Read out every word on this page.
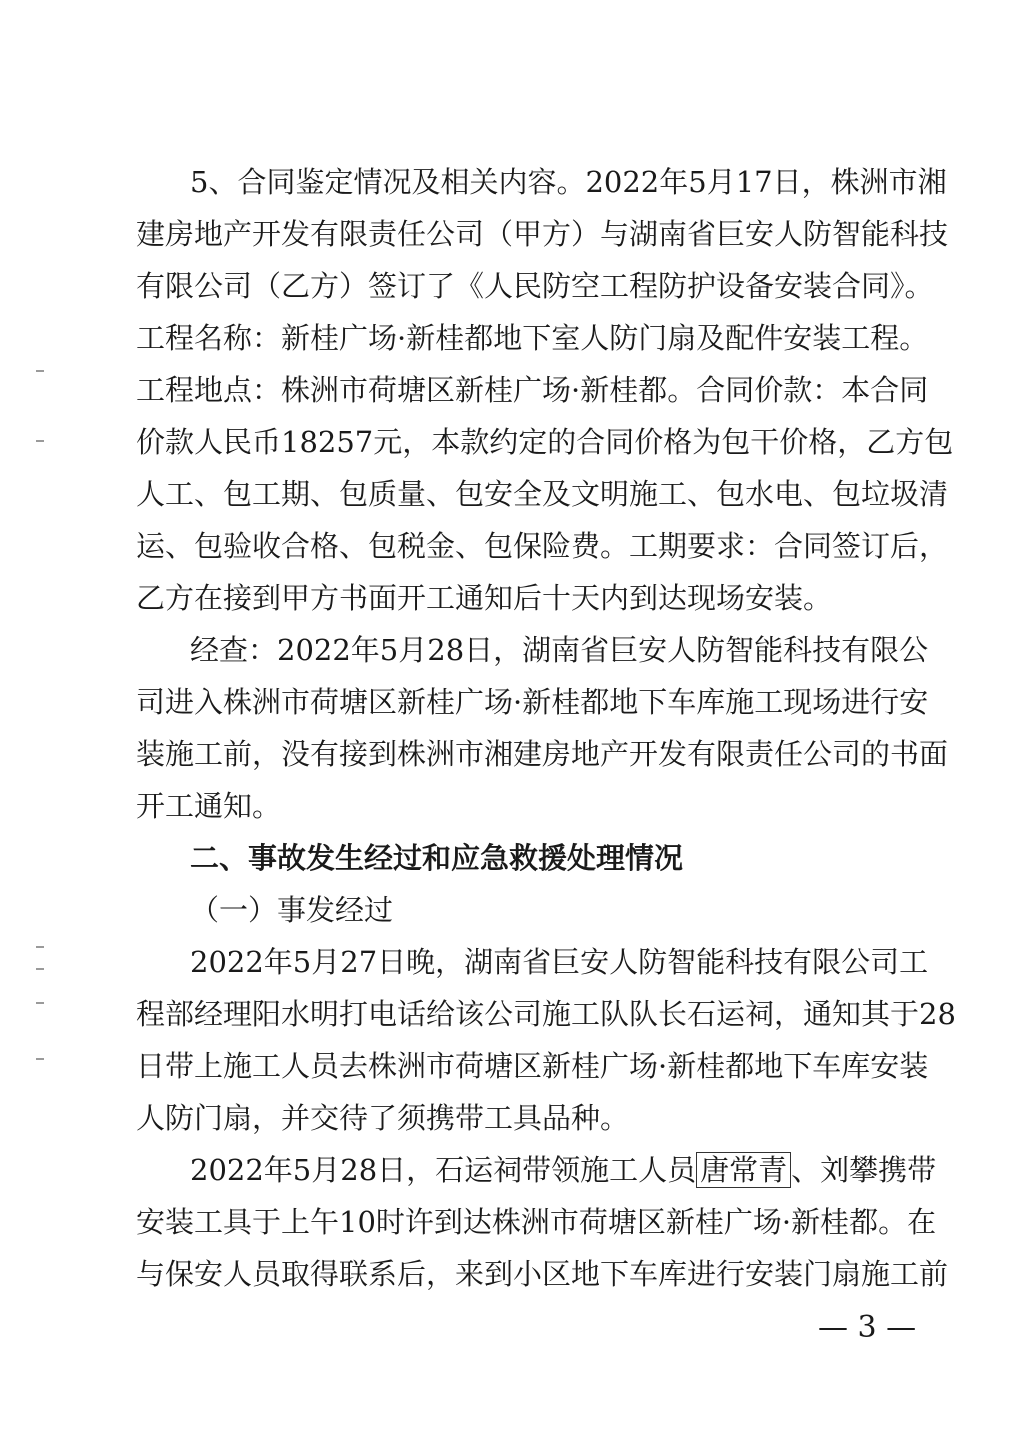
5、合同鉴定情况及相关内容。2022年5月17日，株洲市湘
建房地产开发有限责任公司（甲方）与湖南省巨安人防智能科技
有限公司（乙方）签订了《人民防空工程防护设备安装合同》。
工程名称：新桂广场·新桂都地下室人防门扇及配件安装工程。
工程地点：株洲市荷塘区新桂广场·新桂都。合同价款：本合同
价款人民币18257元，本款约定的合同价格为包干价格，乙方包
人工、包工期、包质量、包安全及文明施工、包水电、包垃圾清
运、包验收合格、包税金、包保险费。工期要求：合同签订后，
乙方在接到甲方书面开工通知后十天内到达现场安装。
经查：2022年5月28日，湖南省巨安人防智能科技有限公
司进入株洲市荷塘区新桂广场·新桂都地下车库施工现场进行安
装施工前，没有接到株洲市湘建房地产开发有限责任公司的书面
开工通知。
二、事故发生经过和应急救援处理情况
（一）事发经过
2022年5月27日晚，湖南省巨安人防智能科技有限公司工
程部经理阳水明打电话给该公司施工队队长石运祠，通知其于28
日带上施工人员去株洲市荷塘区新桂广场·新桂都地下车库安装
人防门扇，并交待了须携带工具品种。
2022年5月28日，石运祠带领施工人员 唐常青 、刘攀携带
安装工具于上午10时许到达株洲市荷塘区新桂广场·新桂都。在
与保安人员取得联系后，来到小区地下车库进行安装门扇施工前
— 3 —
